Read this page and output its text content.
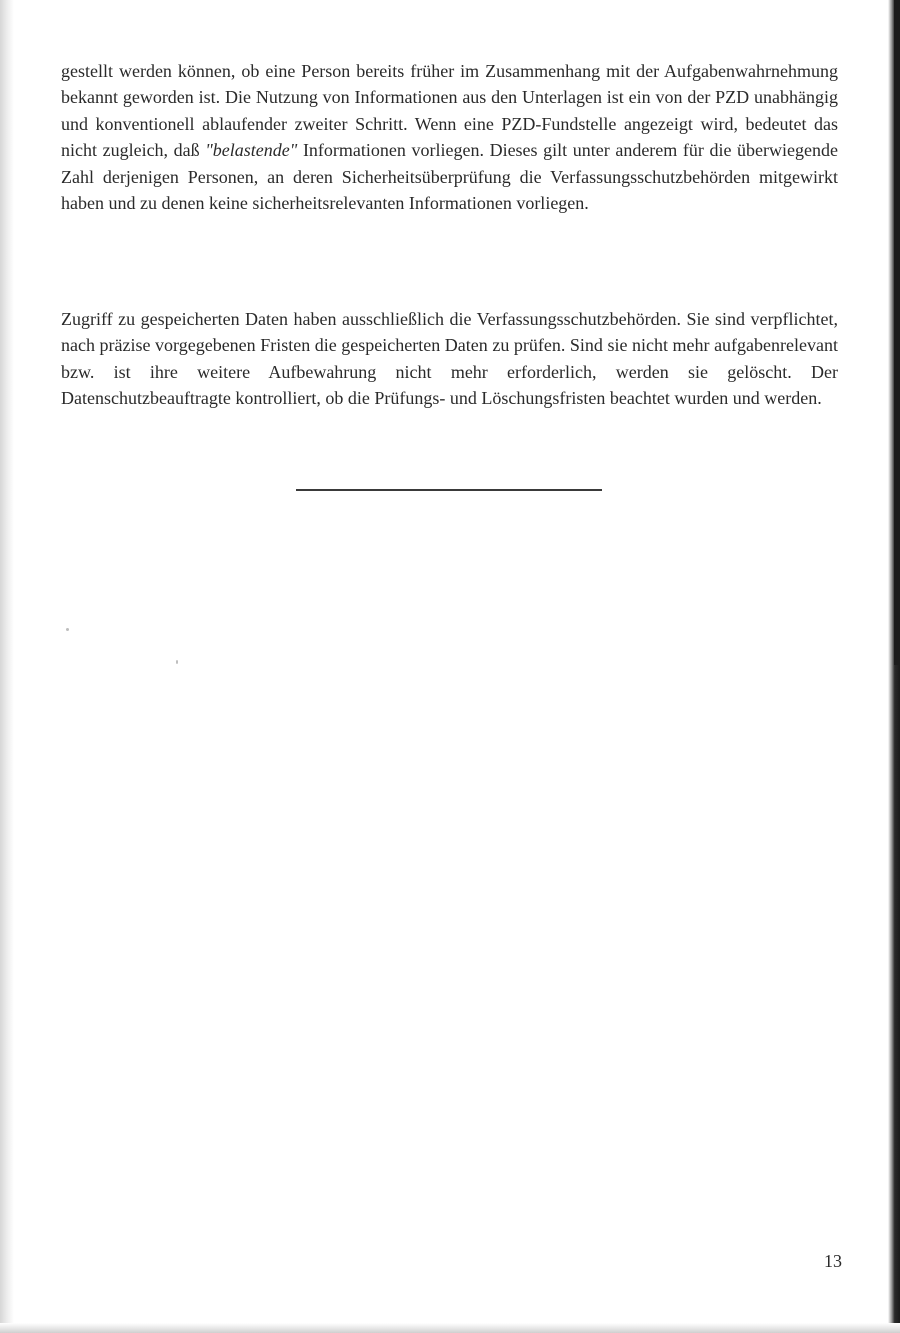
gestellt werden können, ob eine Person bereits früher im Zusammenhang mit der Aufgabenwahrnehmung bekannt geworden ist. Die Nutzung von Informationen aus den Unterlagen ist ein von der PZD unabhängig und konventionell ablaufender zweiter Schritt. Wenn eine PZD-Fundstelle angezeigt wird, bedeutet das nicht zugleich, daß "belastende" Informationen vorliegen. Dieses gilt unter anderem für die überwiegende Zahl derjenigen Personen, an deren Sicherheitsüberprüfung die Verfassungsschutzbehörden mitgewirkt haben und zu denen keine sicherheitsrelevanten Informationen vorliegen.
Zugriff zu gespeicherten Daten haben ausschließlich die Verfassungsschutzbehörden. Sie sind verpflichtet, nach präzise vorgegebenen Fristen die gespeicherten Daten zu prüfen. Sind sie nicht mehr aufgabenrelevant bzw. ist ihre weitere Aufbewahrung nicht mehr erforderlich, werden sie gelöscht. Der Datenschutzbeauftragte kontrolliert, ob die Prüfungs- und Löschungsfristen beachtet wurden und werden.
13
